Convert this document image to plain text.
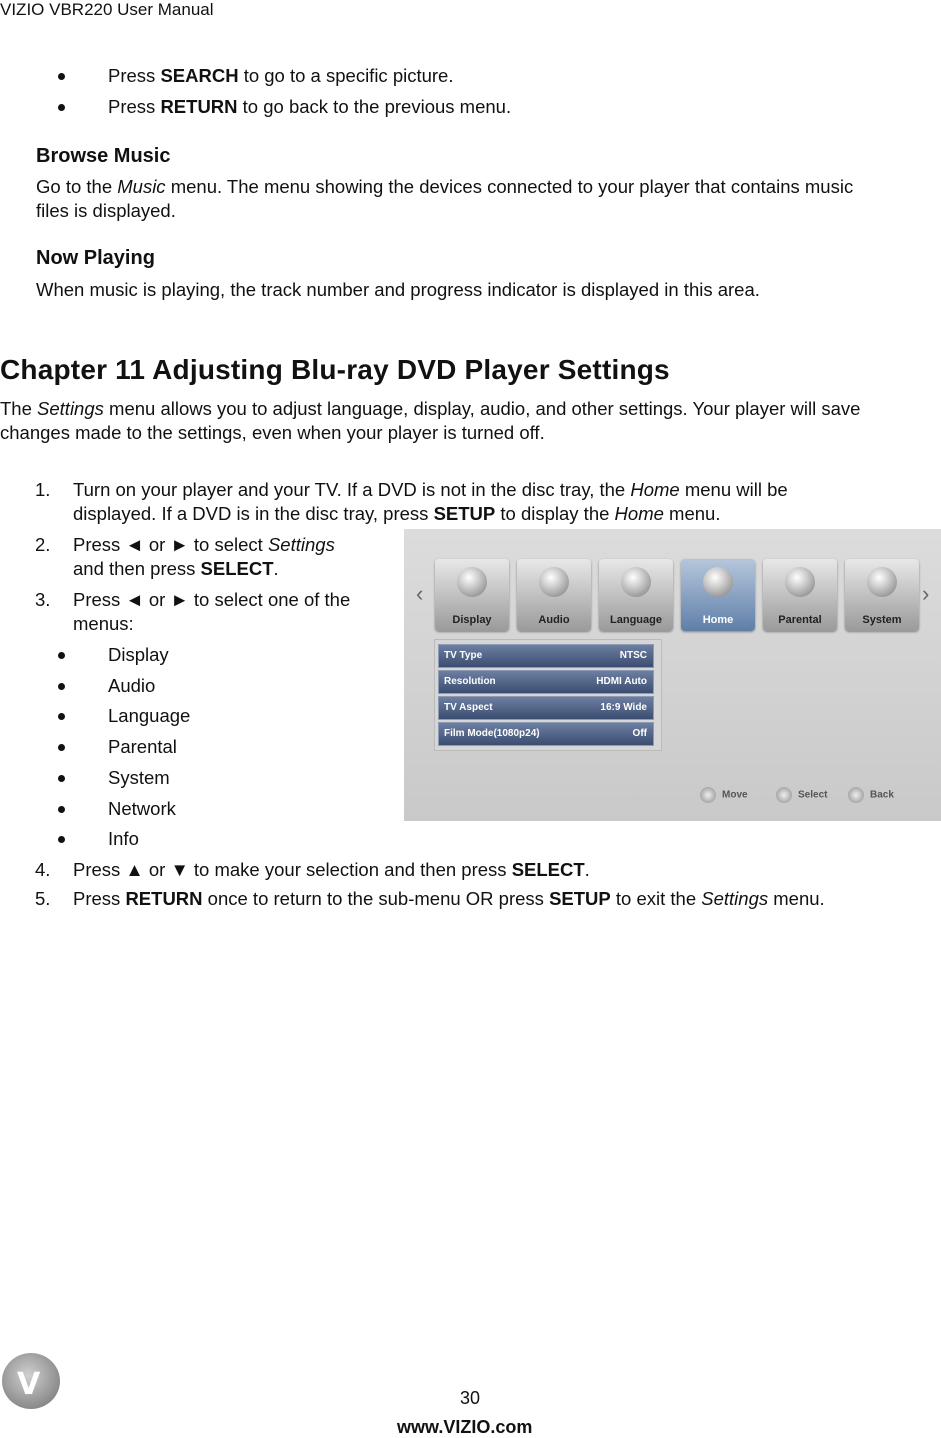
VIZIO VBR220 User Manual
Press SEARCH to go to a specific picture.
Press RETURN to go back to the previous menu.
Browse Music
Go to the Music menu. The menu showing the devices connected to your player that contains music
files is displayed.
Now Playing
When music is playing, the track number and progress indicator is displayed in this area.
Chapter 11 Adjusting Blu-ray DVD Player Settings
The Settings menu allows you to adjust language, display, audio, and other settings. Your player will save
changes made to the settings, even when your player is turned off.
1. Turn on your player and your TV. If a DVD is not in the disc tray, the Home menu will be
displayed. If a DVD is in the disc tray, press SETUP to display the Home menu.
2. Press ◄ or ► to select Settings
and then press SELECT.
3. Press ◄ or ► to select one of the
menus:
Display
Audio
Language
Parental
System
Network
Info
4. Press ▲ or ▼ to make your selection and then press SELECT.
5. Press RETURN once to return to the sub-menu OR press SETUP to exit the Settings menu.
‹	›
Display	Audio	Language	Home	Parental	System
TV Type	NTSC
Resolution	HDMI Auto
TV Aspect	16:9 Wide
Film Mode(1080p24)	Off
Move	Select	Back
V	30
www.VIZIO.com
